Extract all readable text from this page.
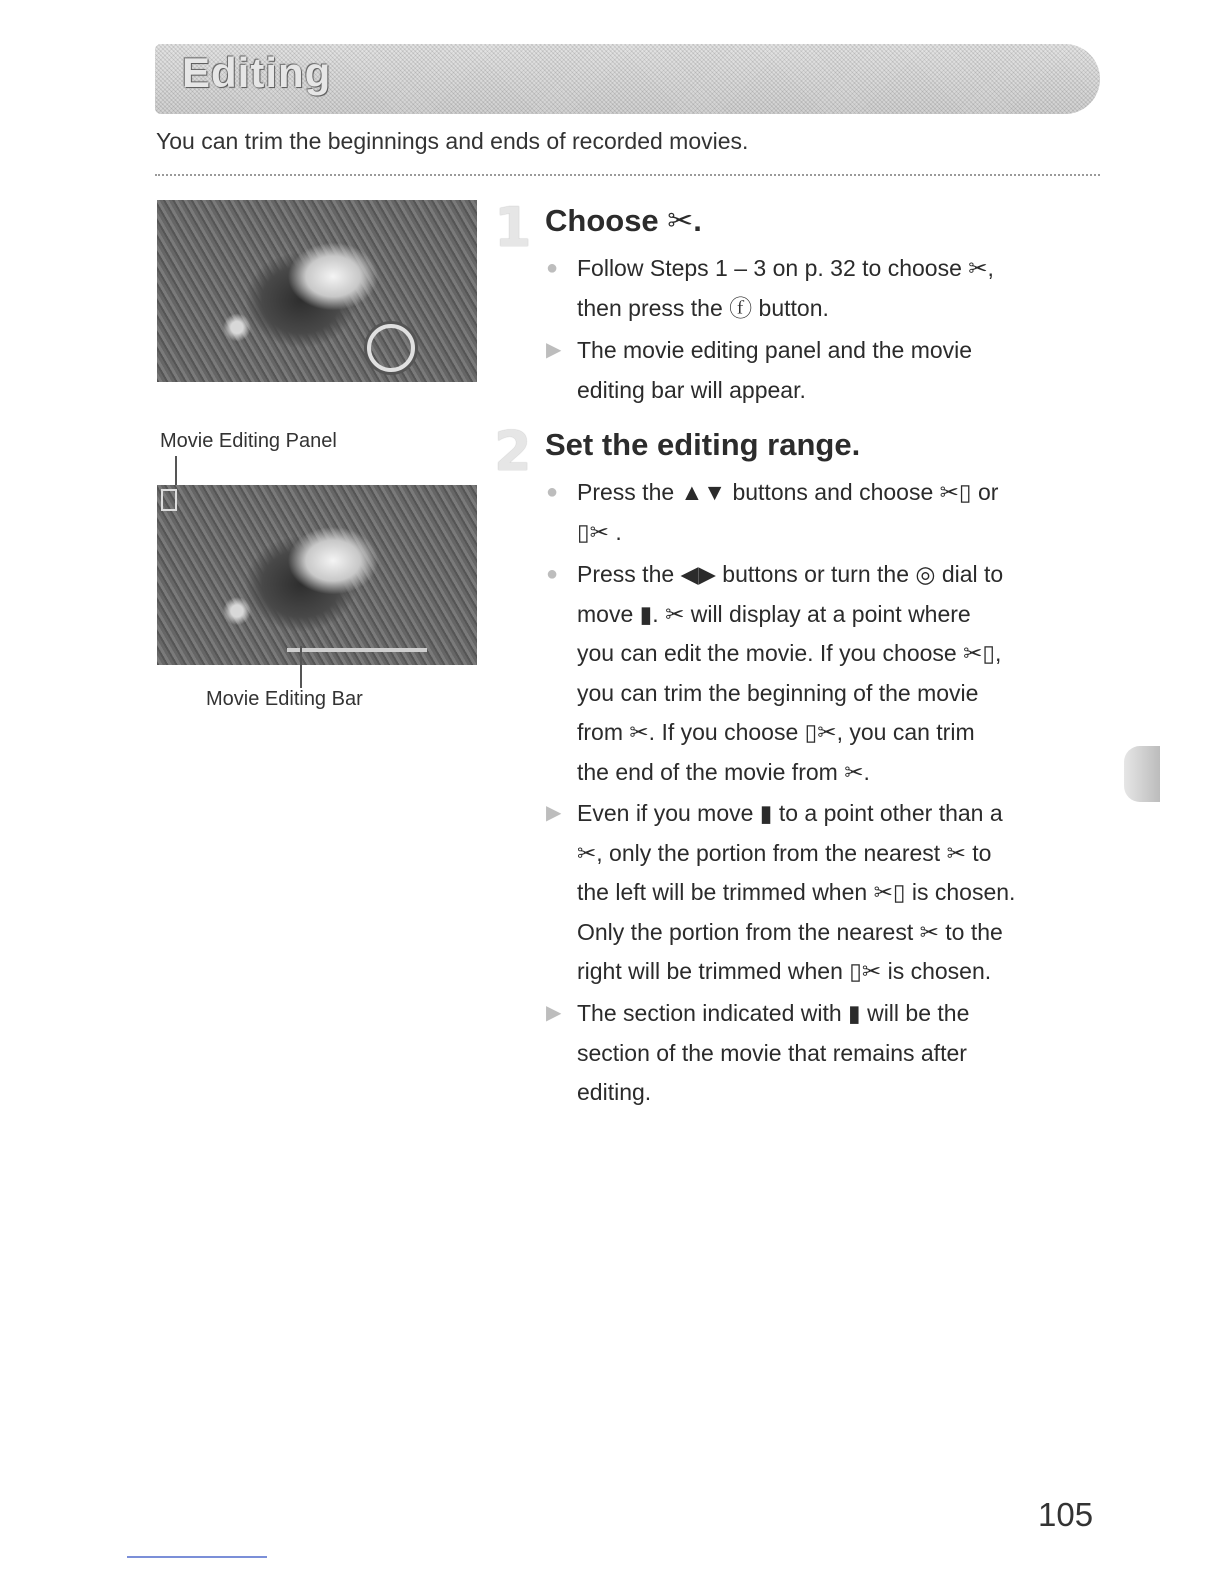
Editing
You can trim the beginnings and ends of recorded movies.
Movie Editing Panel
Movie Editing Bar
1 Choose ✂.
● Follow Steps 1 – 3 on p. 32 to choose ✂,
then press the ⓕ button.
▶ The movie editing panel and the movie
editing bar will appear.
2 Set the editing range.
● Press the ▲▼ buttons and choose ✂▯ or
▯✂ .
● Press the ◀▶ buttons or turn the ◎ dial to
move ▮. ✂ will display at a point where
you can edit the movie. If you choose ✂▯,
you can trim the beginning of the movie
from ✂. If you choose ▯✂, you can trim
the end of the movie from ✂.
▶ Even if you move ▮ to a point other than a
✂, only the portion from the nearest ✂ to
the left will be trimmed when ✂▯ is chosen.
Only the portion from the nearest ✂ to the
right will be trimmed when ▯✂ is chosen.
▶ The section indicated with ▮ will be the
section of the movie that remains after
editing.
105
